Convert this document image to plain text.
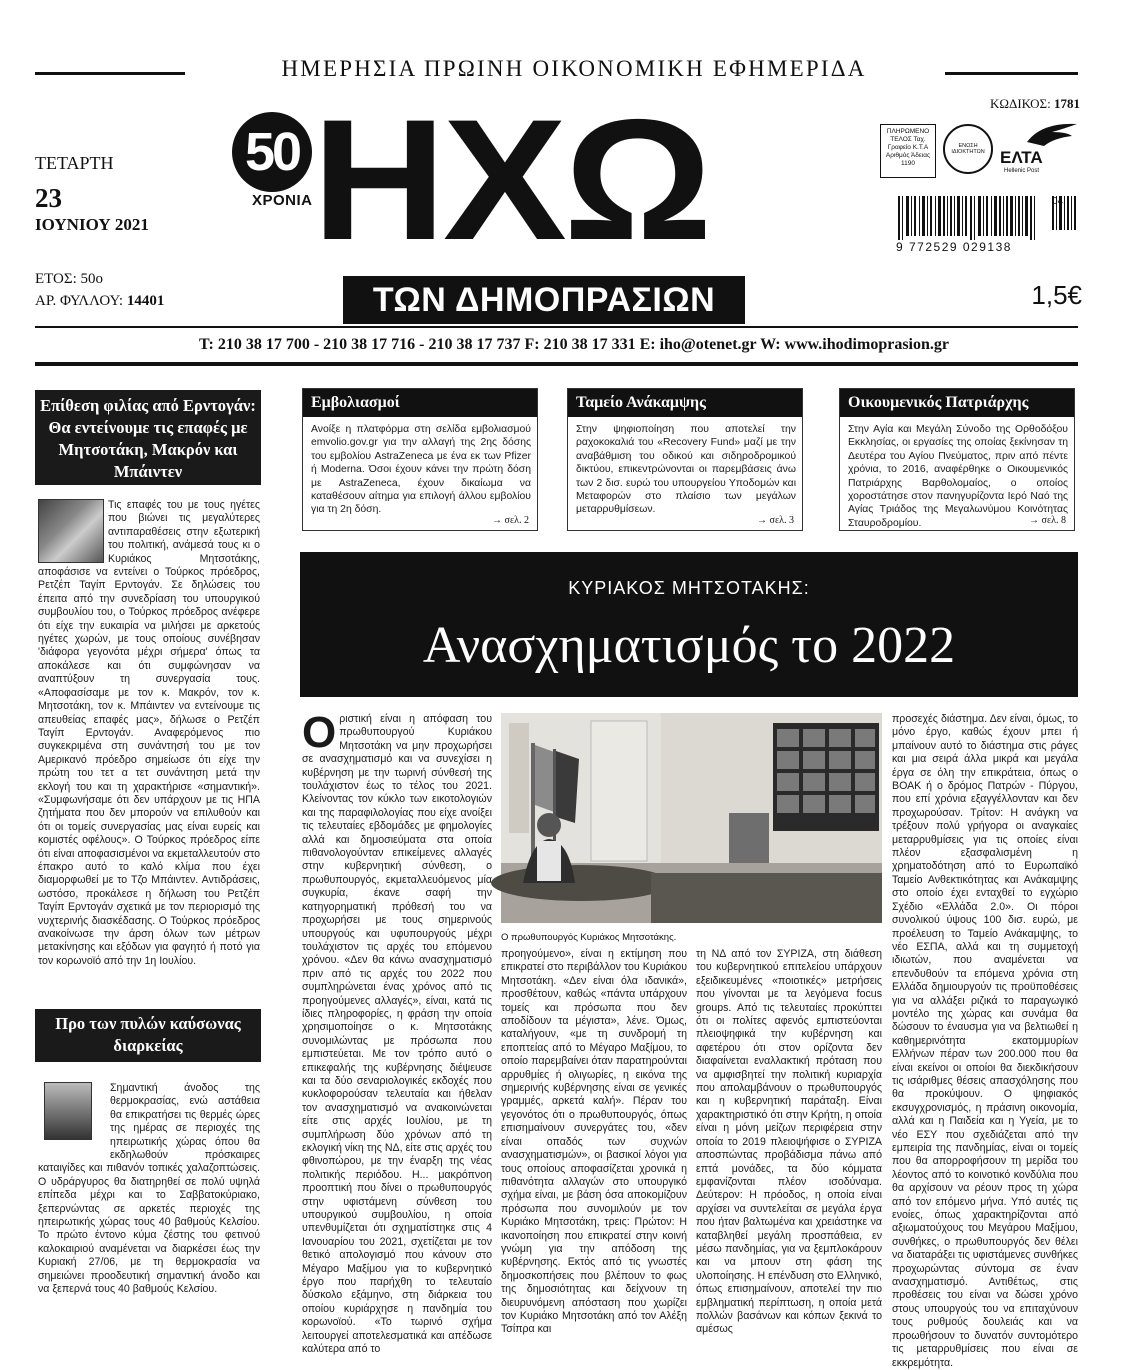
ΗΜΕΡΗΣΙΑ ΠΡΩΙΝΗ ΟΙΚΟΝΟΜΙΚΗ ΕΦΗΜΕΡΙΔΑ
ΚΩΔΙΚΟΣ: 1781
ΤΕΤΑΡΤΗ
23
ΙΟΥΝΙΟΥ 2021
ΕΤΟΣ: 50ο
ΑΡ. ΦΥΛΛΟΥ: 14401
50
ΧΡΟΝΙΑ ΗΧΩ
ΤΩΝ ΔΗΜΟΠΡΑΣΙΩΝ
ΠΛΗΡΩΜΕΝΟ ΤΕΛΟΣ Ταχ. Γραφείο Κ.Τ.Α Αριθμός Άδειας 1190
ΕΝΩΣΗ ΙΔΙΟΚΤΗΤΩΝ ΕΛΤΑ
Hellenic Post
9 772529 029138
04
1,5€
T: 210 38 17 700 - 210 38 17 716 - 210 38 17 737 F: 210 38 17 331 E: iho@otenet.gr W: www.ihodimoprasion.gr
Επίθεση φιλίας από Ερντογάν: Θα εντείνουμε τις επαφές με Μητσοτάκη, Μακρόν και Μπάιντεν
Τις επαφές του με τους ηγέτες που βιώνει τις μεγαλύτερες αντιπαραθέσεις στην εξωτερική του πολιτική, ανάμεσά τους κι ο Κυριάκος Μητσοτάκης, αποφάσισε να εντείνει ο Τούρκος πρόεδρος, Ρετζέπ Ταγίπ Ερντογάν. Σε δηλώσεις του έπειτα από την συνεδρίαση του υπουργικού συμβουλίου του, ο Τούρκος πρόεδρος ανέφερε ότι είχε την ευκαιρία να μιλήσει με αρκετούς ηγέτες χωρών, με τους οποίους συνέβησαν 'διάφορα γεγονότα μέχρι σήμερα' όπως τα αποκάλεσε και ότι συμφώνησαν να αναπτύξουν τη συνεργασία τους. «Αποφασίσαμε με τον κ. Μακρόν, τον κ. Μητσοτάκη, τον κ. Μπάιντεν να εντείνουμε τις απευθείας επαφές μας», δήλωσε ο Ρετζέπ Ταγίπ Ερντογάν. Αναφερόμενος πιο συγκεκριμένα στη συνάντησή του με τον Αμερικανό πρόεδρο σημείωσε ότι είχε την πρώτη του τετ α τετ συνάντηση μετά την εκλογή του και τη χαρακτήρισε «σημαντική». «Συμφωνήσαμε ότι δεν υπάρχουν με τις ΗΠΑ ζητήματα που δεν μπορούν να επιλυθούν και ότι οι τομείς συνεργασίας μας είναι ευρείς και κομιστές οφέλους». Ο Τούρκος πρόεδρος είπε ότι είναι αποφασισμένοι να εκμεταλλευτούν στο έπακρο αυτό το καλό κλίμα που έχει διαμορφωθεί με το Τζο Μπάιντεν. Αντιδράσεις, ωστόσο, προκάλεσε η δήλωση του Ρετζέπ Ταγίπ Ερντογάν σχετικά με τον περιορισμό της νυχτερινής διασκέδασης. Ο Τούρκος πρόεδρος ανακοίνωσε την άρση όλων των μέτρων μετακίνησης και εξόδων για φαγητό ή ποτό για τον κορωνοϊό από την 1η Ιουλίου.
Προ των πυλών καύσωνας διαρκείας
Σημαντική άνοδος της θερμοκρασίας, ενώ αστάθεια θα επικρατήσει τις θερμές ώρες της ημέρας σε περιοχές της ηπειρωτικής χώρας όπου θα εκδηλωθούν πρόσκαιρες καταιγίδες και πιθανόν τοπικές χαλαζοπτώσεις. Ο υδράργυρος θα διατηρηθεί σε πολύ υψηλά επίπεδα μέχρι και το Σαββατοκύριακο, ξεπερνώντας σε αρκετές περιοχές της ηπειρωτικής χώρας τους 40 βαθμούς Κελσίου. Το πρώτο έντονο κύμα ζέστης του φετινού καλοκαιριού αναμένεται να διαρκέσει έως την Κυριακή 27/06, με τη θερμοκρασία να σημειώνει προοδευτική σημαντική άνοδο και να ξεπερνά τους 40 βαθμούς Κελσίου.
Εμβολιασμοί
Ανοίξε η πλατφόρμα στη σελίδα εμβολιασμού emvolio.gov.gr για την αλλαγή της 2ης δόσης του εμβολίου AstraZeneca με ένα εκ των Pfizer ή Moderna. Όσοι έχουν κάνει την πρώτη δόση με AstraZeneca, έχουν δικαίωμα να καταθέσουν αίτημα για επιλογή άλλου εμβολίου για τη 2η δόση.
→ σελ. 2
Ταμείο Ανάκαμψης
Στην ψηφιοποίηση που αποτελεί την ραχοκοκαλιά του «Recovery Fund» μαζί με την αναβάθμιση του οδικού και σιδηροδρομικού δικτύου, επικεντρώνονται οι παρεμβάσεις άνω των 2 δισ. ευρώ του υπουργείου Υποδομών και Μεταφορών στο πλαίσιο των μεγάλων μεταρρυθμίσεων.
→ σελ. 3
Οικουμενικός Πατριάρχης
Στην Αγία και Μεγάλη Σύνοδο της Ορθοδόξου Εκκλησίας, οι εργασίες της οποίας ξεκίνησαν τη Δευτέρα του Αγίου Πνεύματος, πριν από πέντε χρόνια, το 2016, αναφέρθηκε ο Οικουμενικός Πατριάρχης Βαρθολομαίος, ο οποίος χοροστάτησε στον πανηγυρίζοντα Ιερό Ναό της Αγίας Τριάδος της Μεγαλωνύμου Κοινότητας Σταυροδρομίου.	→ σελ. 8
ΚΥΡΙΑΚΟΣ ΜΗΤΣΟΤΑΚΗΣ:
Ανασχηματισμός το 2022
Ο πρωθυπουργός Κυριάκος Μητσοτάκης.
Ο ριστική είναι η απόφαση του πρωθυπουργού Κυριάκου Μητσοτάκη να μην προχωρήσει σε ανασχηματισμό και να συνεχίσει η κυβέρνηση με την τωρινή σύνθεσή της τουλάχιστον έως το τέλος του 2021. Κλείνοντας τον κύκλο των εικοτολογιών και της παραφιλολογίας που είχε ανοίξει τις τελευταίες εβδομάδες με φημολογίες αλλά και δημοσιεύματα στα οποία πιθανολογούνταν επικείμενες αλλαγές στην κυβερνητική σύνθεση, ο πρωθυπουργός, εκμεταλλευόμενος μία συγκυρία, έκανε σαφή την κατηγορηματική πρόθεσή του να προχωρήσει με τους σημερινούς υπουργούς και υφυπουργούς μέχρι τουλάχιστον τις αρχές του επόμενου χρόνου. «Δεν θα κάνω ανασχηματισμό πριν από τις αρχές του 2022 που συμπληρώνεται ένας χρόνος από τις προηγούμενες αλλαγές», είναι, κατά τις ίδιες πληροφορίες, η φράση την οποία χρησιμοποίησε ο κ. Μητσοτάκης συνομιλώντας με πρόσωπα που εμπιστεύεται. Με τον τρόπο αυτό ο επικεφαλής της κυβέρνησης διέψευσε και τα δύο σεναριολογικές εκδοχές που κυκλοφορούσαν τελευταία και ήθελαν τον ανασχηματισμό να ανακοινώνεται είτε στις αρχές Ιουλίου, με τη συμπλήρωση δύο χρόνων από τη εκλογική νίκη της ΝΔ, είτε στις αρχές του φθινοπώρου, με την έναρξη της νέας πολιτικής περιόδου. Η... μακρόπνοη προοπτική που δίνει ο πρωθυπουργός στην υφιστάμενη σύνθεση του υπουργικού συμβουλίου, η οποία υπενθυμίζεται ότι σχηματίστηκε στις 4 Ιανουαρίου του 2021, σχετίζεται με τον θετικό απολογισμό που κάνουν στο Μέγαρο Μαξίμου για το κυβερνητικό έργο που παρήχθη το τελευταίο δύσκολο εξάμηνο, στη διάρκεια του οποίου κυριάρχησε η πανδημία του κορωνοϊού. «Το τωρινό σχήμα λειτουργεί αποτελεσματικά και απέδωσε καλύτερα από το
προηγούμενο», είναι η εκτίμηση που επικρατεί στο περιβάλλον του Κυριάκου Μητσοτάκη. «Δεν είναι όλα ιδανικά», προσθέτουν, καθώς «πάντα υπάρχουν τομείς και πρόσωπα που δεν αποδίδουν τα μέγιστα», λένε. Όμως, καταλήγουν, «με τη συνδρομή τη εποπτείας από το Μέγαρο Μαξίμου, το οποίο παρεμβαίνει όταν παρατηρούνται αρρυθμίες ή ολιγωρίες, η εικόνα της σημερινής κυβέρνησης είναι σε γενικές γραμμές, αρκετά καλή». Πέραν του γεγονότος ότι ο πρωθυπουργός, όπως επισημαίνουν συνεργάτες του, «δεν είναι οπαδός των συχνών ανασχηματισμών», οι βασικοί λόγοι για τους οποίους αποφασίζεται χρονικά η πιθανότητα αλλαγών στο υπουργικό σχήμα είναι, με βάση όσα αποκομίζουν πρόσωπα που συνομιλούν με τον Κυριάκο Μητσοτάκη, τρεις: Πρώτον: Η ικανοποίηση που επικρατεί στην κοινή γνώμη για την απόδοση της κυβέρνησης. Εκτός από τις γνωστές δημοσκοπήσεις που βλέπουν το φως της δημοσιότητας και δείχνουν τη διευρυνόμενη απόσταση που χωρίζει τον Κυριάκο Μητσοτάκη από τον Αλέξη Τσίπρα και
τη ΝΔ από τον ΣΥΡΙΖΑ, στη διάθεση του κυβερνητικού επιτελείου υπάρχουν εξειδικευμένες «ποιοτικές» μετρήσεις που γίνονται με τα λεγόμενα focus groups. Από τις τελευταίες προκύπτει ότι οι πολίτες αφενός εμπιστεύονται πλειοψηφικά την κυβέρνηση και αφετέρου ότι στον ορίζοντα δεν διαφαίνεται εναλλακτική πρόταση που να αμφισβητεί την πολιτική κυριαρχία που απολαμβάνουν ο πρωθυπουργός και η κυβερνητική παράταξη. Είναι χαρακτηριστικό ότι στην Κρήτη, η οποία είναι η μόνη μείζων περιφέρεια στην οποία το 2019 πλειοψήφισε ο ΣΥΡΙΖΑ αποσπώντας προβάδισμα πάνω από επτά μονάδες, τα δύο κόμματα εμφανίζονται πλέον ισοδύναμα. Δεύτερον: Η πρόοδος, η οποία είναι αρχίσει να συντελείται σε μεγάλα έργα που ήταν βαλτωμένα και χρειάστηκε να καταβληθεί μεγάλη προσπάθεια, εν μέσω πανδημίας, για να ξεμπλοκάρουν και να μπουν στη φάση της υλοποίησης. Η επένδυση στο Ελληνικό, όπως επισημαίνουν, αποτελεί την πιο εμβληματική περίπτωση, η οποία μετά πολλών βασάνων και κόπων ξεκινά το αμέσως
προσεχές διάστημα. Δεν είναι, όμως, το μόνο έργο, καθώς έχουν μπει ή μπαίνουν αυτό το διάστημα στις ράγες και μια σειρά άλλα μικρά και μεγάλα έργα σε όλη την επικράτεια, όπως ο ΒΟΑΚ ή ο δρόμος Πατρών - Πύργου, που επί χρόνια εξαγγέλλονταν και δεν προχωρούσαν. Τρίτον: Η ανάγκη να τρέξουν πολύ γρήγορα οι αναγκαίες μεταρρυθμίσεις για τις οποίες είναι πλέον εξασφαλισμένη η χρηματοδότηση από το Ευρωπαϊκό Ταμείο Ανθεκτικότητας και Ανάκαμψης στο οποίο έχει ενταχθεί το εγχώριο Σχέδιο «Ελλάδα 2.0». Οι πόροι συνολικού ύψους 100 δισ. ευρώ, με προέλευση το Ταμείο Ανάκαμψης, το νέο ΕΣΠΑ, αλλά και τη συμμετοχή ιδιωτών, που αναμένεται να επενδυθούν τα επόμενα χρόνια στη Ελλάδα δημιουργούν τις προϋποθέσεις για να αλλάξει ριζικά το παραγωγικό μοντέλο της χώρας και συνάμα θα δώσουν το έναυσμα για να βελτιωθεί η καθημερινότητα εκατομμυρίων Ελλήνων πέραν των 200.000 που θα είναι εκείνοι οι οποίοι θα διεκδικήσουν τις ισάριθμες θέσεις απασχόλησης που θα προκύψουν. Ο ψηφιακός εκσυγχρονισμός, η πράσινη οικονομία, αλλά και η Παιδεία και η Υγεία, με το νέο ΕΣΥ που σχεδιάζεται από την εμπειρία της πανδημίας, είναι οι τομείς που θα απορροφήσουν τη μερίδα του λέοντος από το κοινοτικό κονδύλια που θα αρχίσουν να ρέουν προς τη χώρα από τον επόμενο μήνα. Υπό αυτές τις ενοίες, όπως χαρακτηρίζονται από αξιωματούχους του Μεγάρου Μαξίμου, συνθήκες, ο πρωθυπουργός δεν θέλει να διαταράξει τις υφιστάμενες συνθήκες προχωρώντας σύντομα σε έναν ανασχηματισμό. Αντιθέτως, στις προθέσεις του είναι να δώσει χρόνο στους υπουργούς του να επιταχύνουν τους ρυθμούς δουλειάς και να προωθήσουν το δυνατόν συντομότερο τις μεταρρυθμίσεις που είναι σε εκκρεμότητα.
